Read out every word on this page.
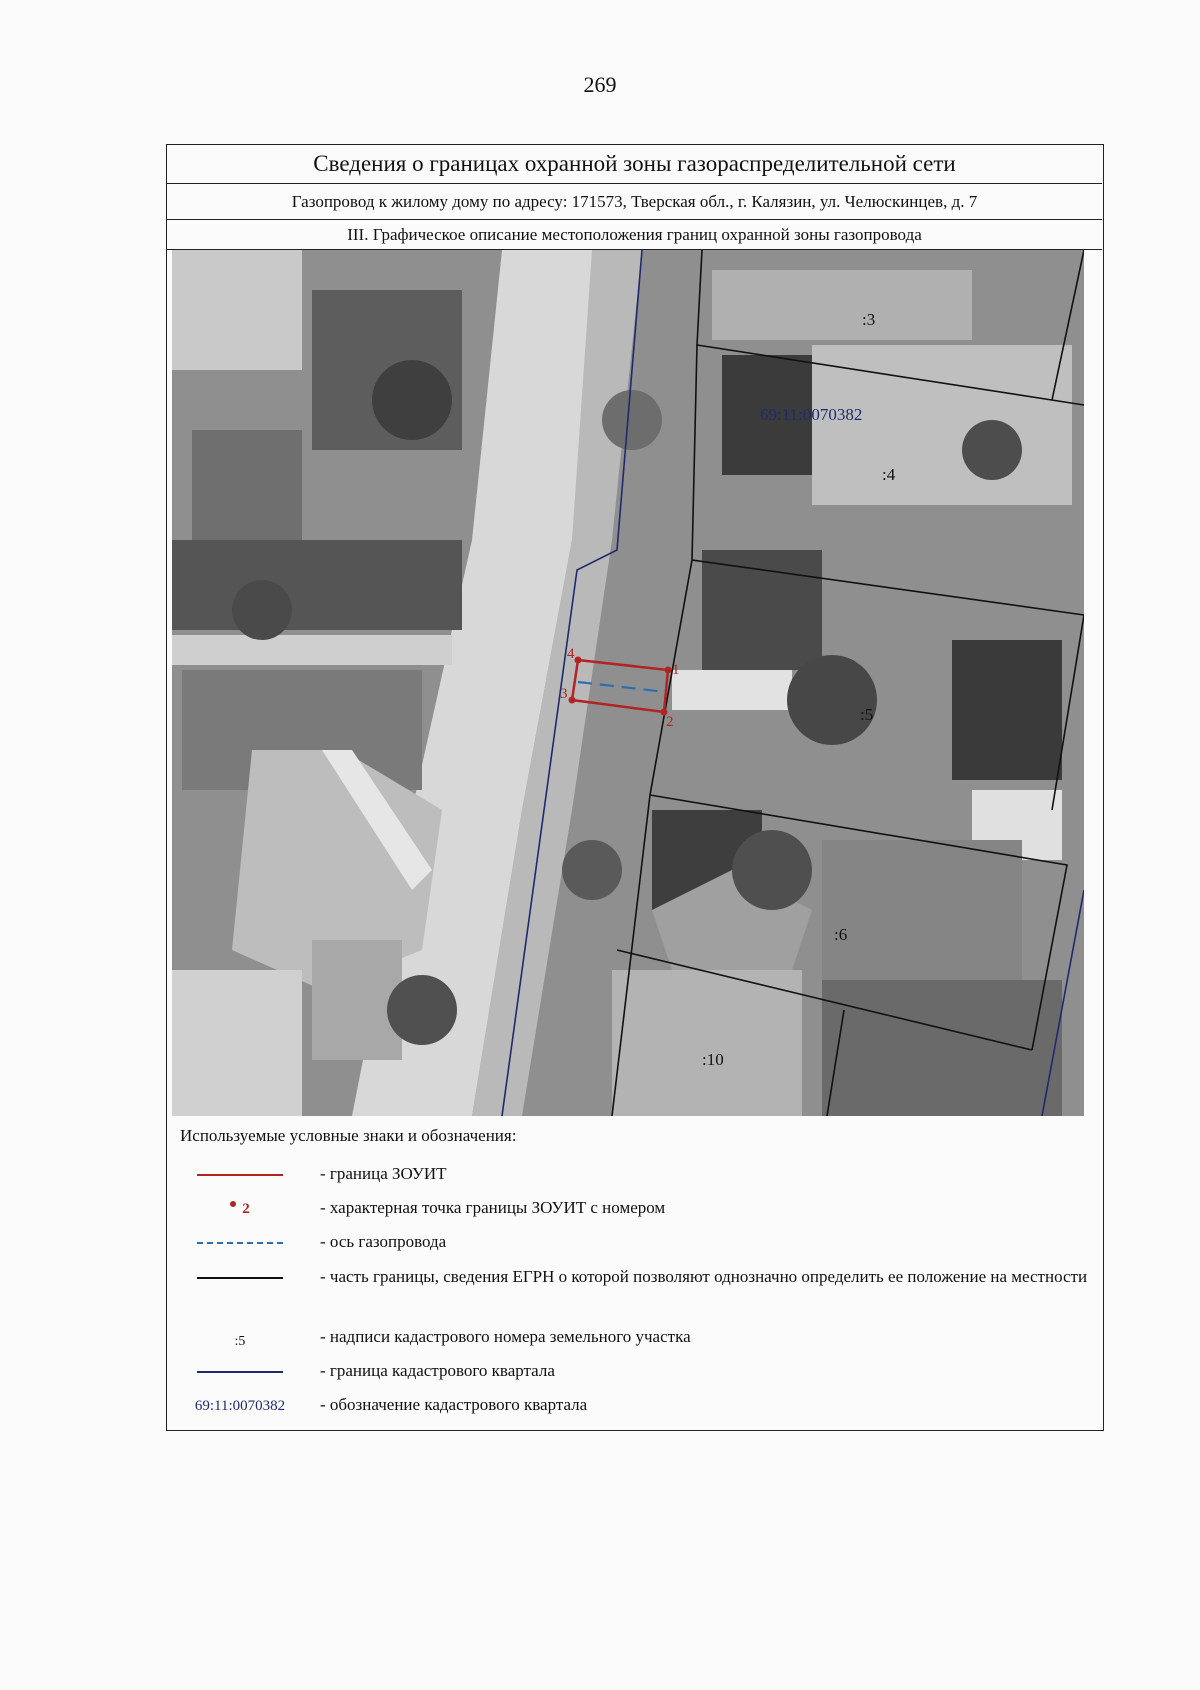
269
Сведения о границах охранной зоны газораспределительной сети
Газопровод к жилому дому по адресу: 171573, Тверская обл., г. Калязин, ул. Челюскинцев, д. 7
III. Графическое описание местоположения границ охранной зоны газопровода
:3
:4
:5
:6
:10
69:11:0070382
1
2
3
4
Используемые условные знаки и обозначения:
- граница ЗОУИТ
2	- характерная точка границы ЗОУИТ с номером
- ось газопровода
- часть границы, сведения ЕГРН о которой позволяют однозначно определить ее положение на местности
:5	- надписи кадастрового номера земельного участка
- граница кадастрового квартала
69:11:0070382 - обозначение кадастрового квартала
